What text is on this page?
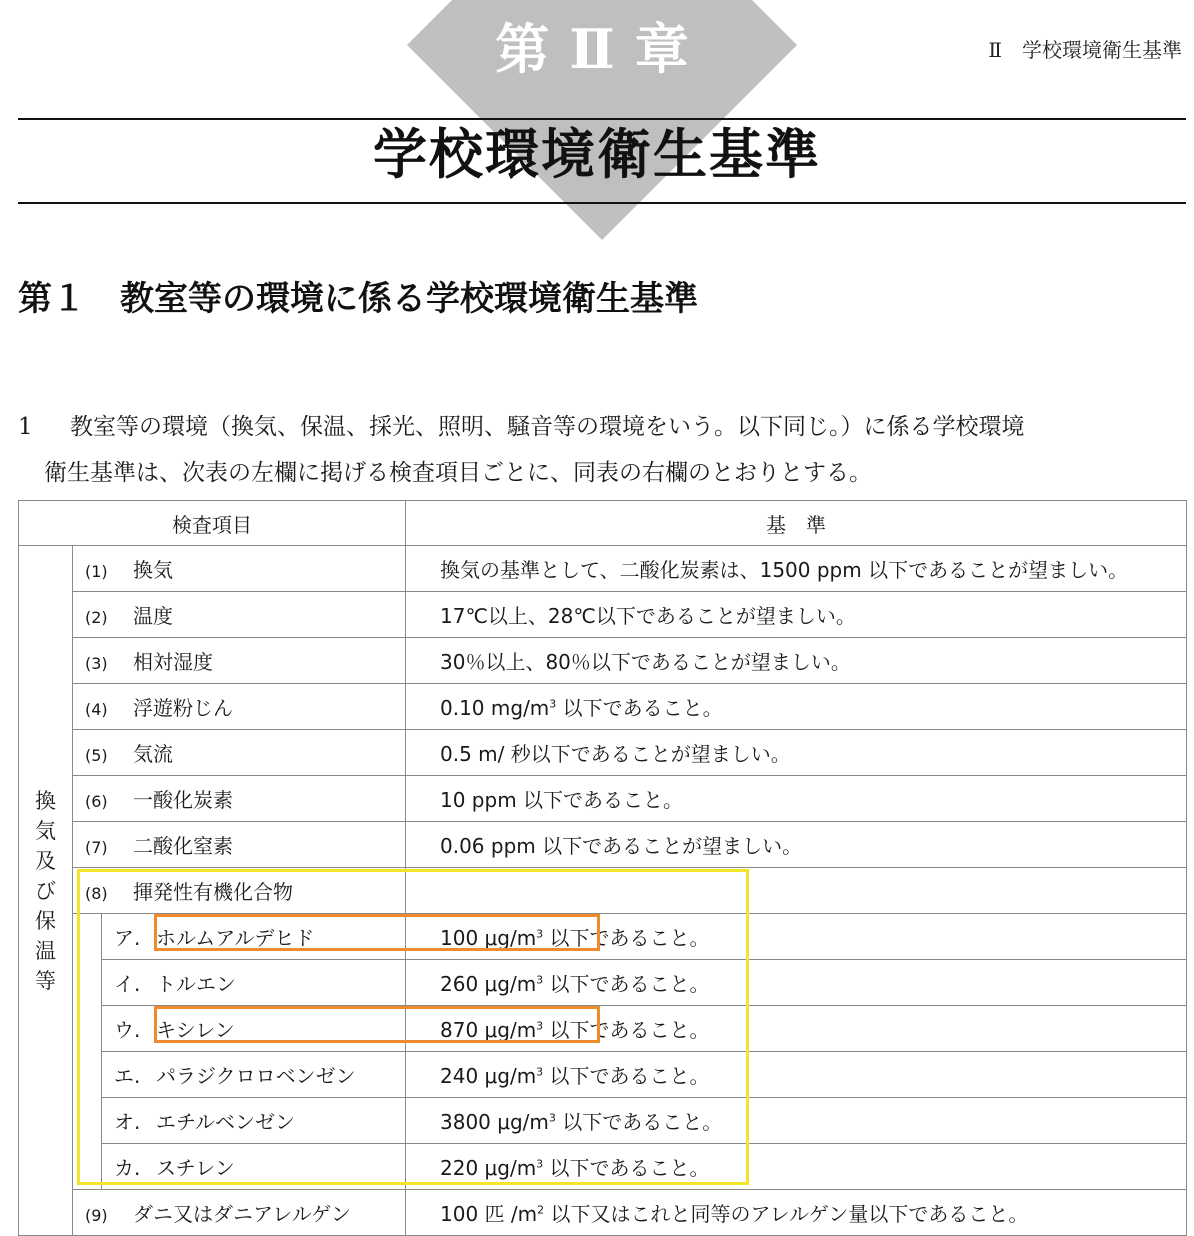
第Ⅱ章	Ⅱ　学校環境衛生基準
学校環境衛生基準
第１　教室等の環境に係る学校環境衛生基準
1 教室等の環境（換気、保温、採光、照明、騒音等の環境をいう。以下同じ。）に係る学校環境
衛生基準は、次表の左欄に掲げる検査項目ごとに、同表の右欄のとおりとする。
検査項目			基　準
換気及び保温等	(1) 換気		換気の基準として、二酸化炭素は、1500 ppm 以下であることが望ましい。
	(2) 温度		17℃以上、28℃以下であることが望ましい。
	(3) 相対湿度		30％以上、80％以下であることが望ましい。
	(4) 浮遊粉じん		0.10 $mg/m^3$ 以下であること。
	(5) 気流		0.5 m/ 秒以下であることが望ましい。
	(6) 一酸化炭素		10 ppm 以下であること。
	(7) 二酸化窒素		0.06 ppm 以下であることが望ましい。
	(8) 揮発性有機化合物		
		ア. ホルムアルデヒド	100 $\mu g/m^3$ 以下であること。
		イ. トルエン	260 $\mu g/m^3$ 以下であること。
		ウ. キシレン	870 $\mu g/m^3$ 以下であること。
		エ. パラジクロロベンゼン	240 $\mu g/m^3$ 以下であること。
		オ. エチルベンゼン	3800 $\mu g/m^3$ 以下であること。
		カ. スチレン	220 $\mu g/m^3$ 以下であること。
	(9) ダニ又はダニアレルゲン		100 匹 $/m^2$ 以下又はこれと同等のアレルゲン量以下であること。
